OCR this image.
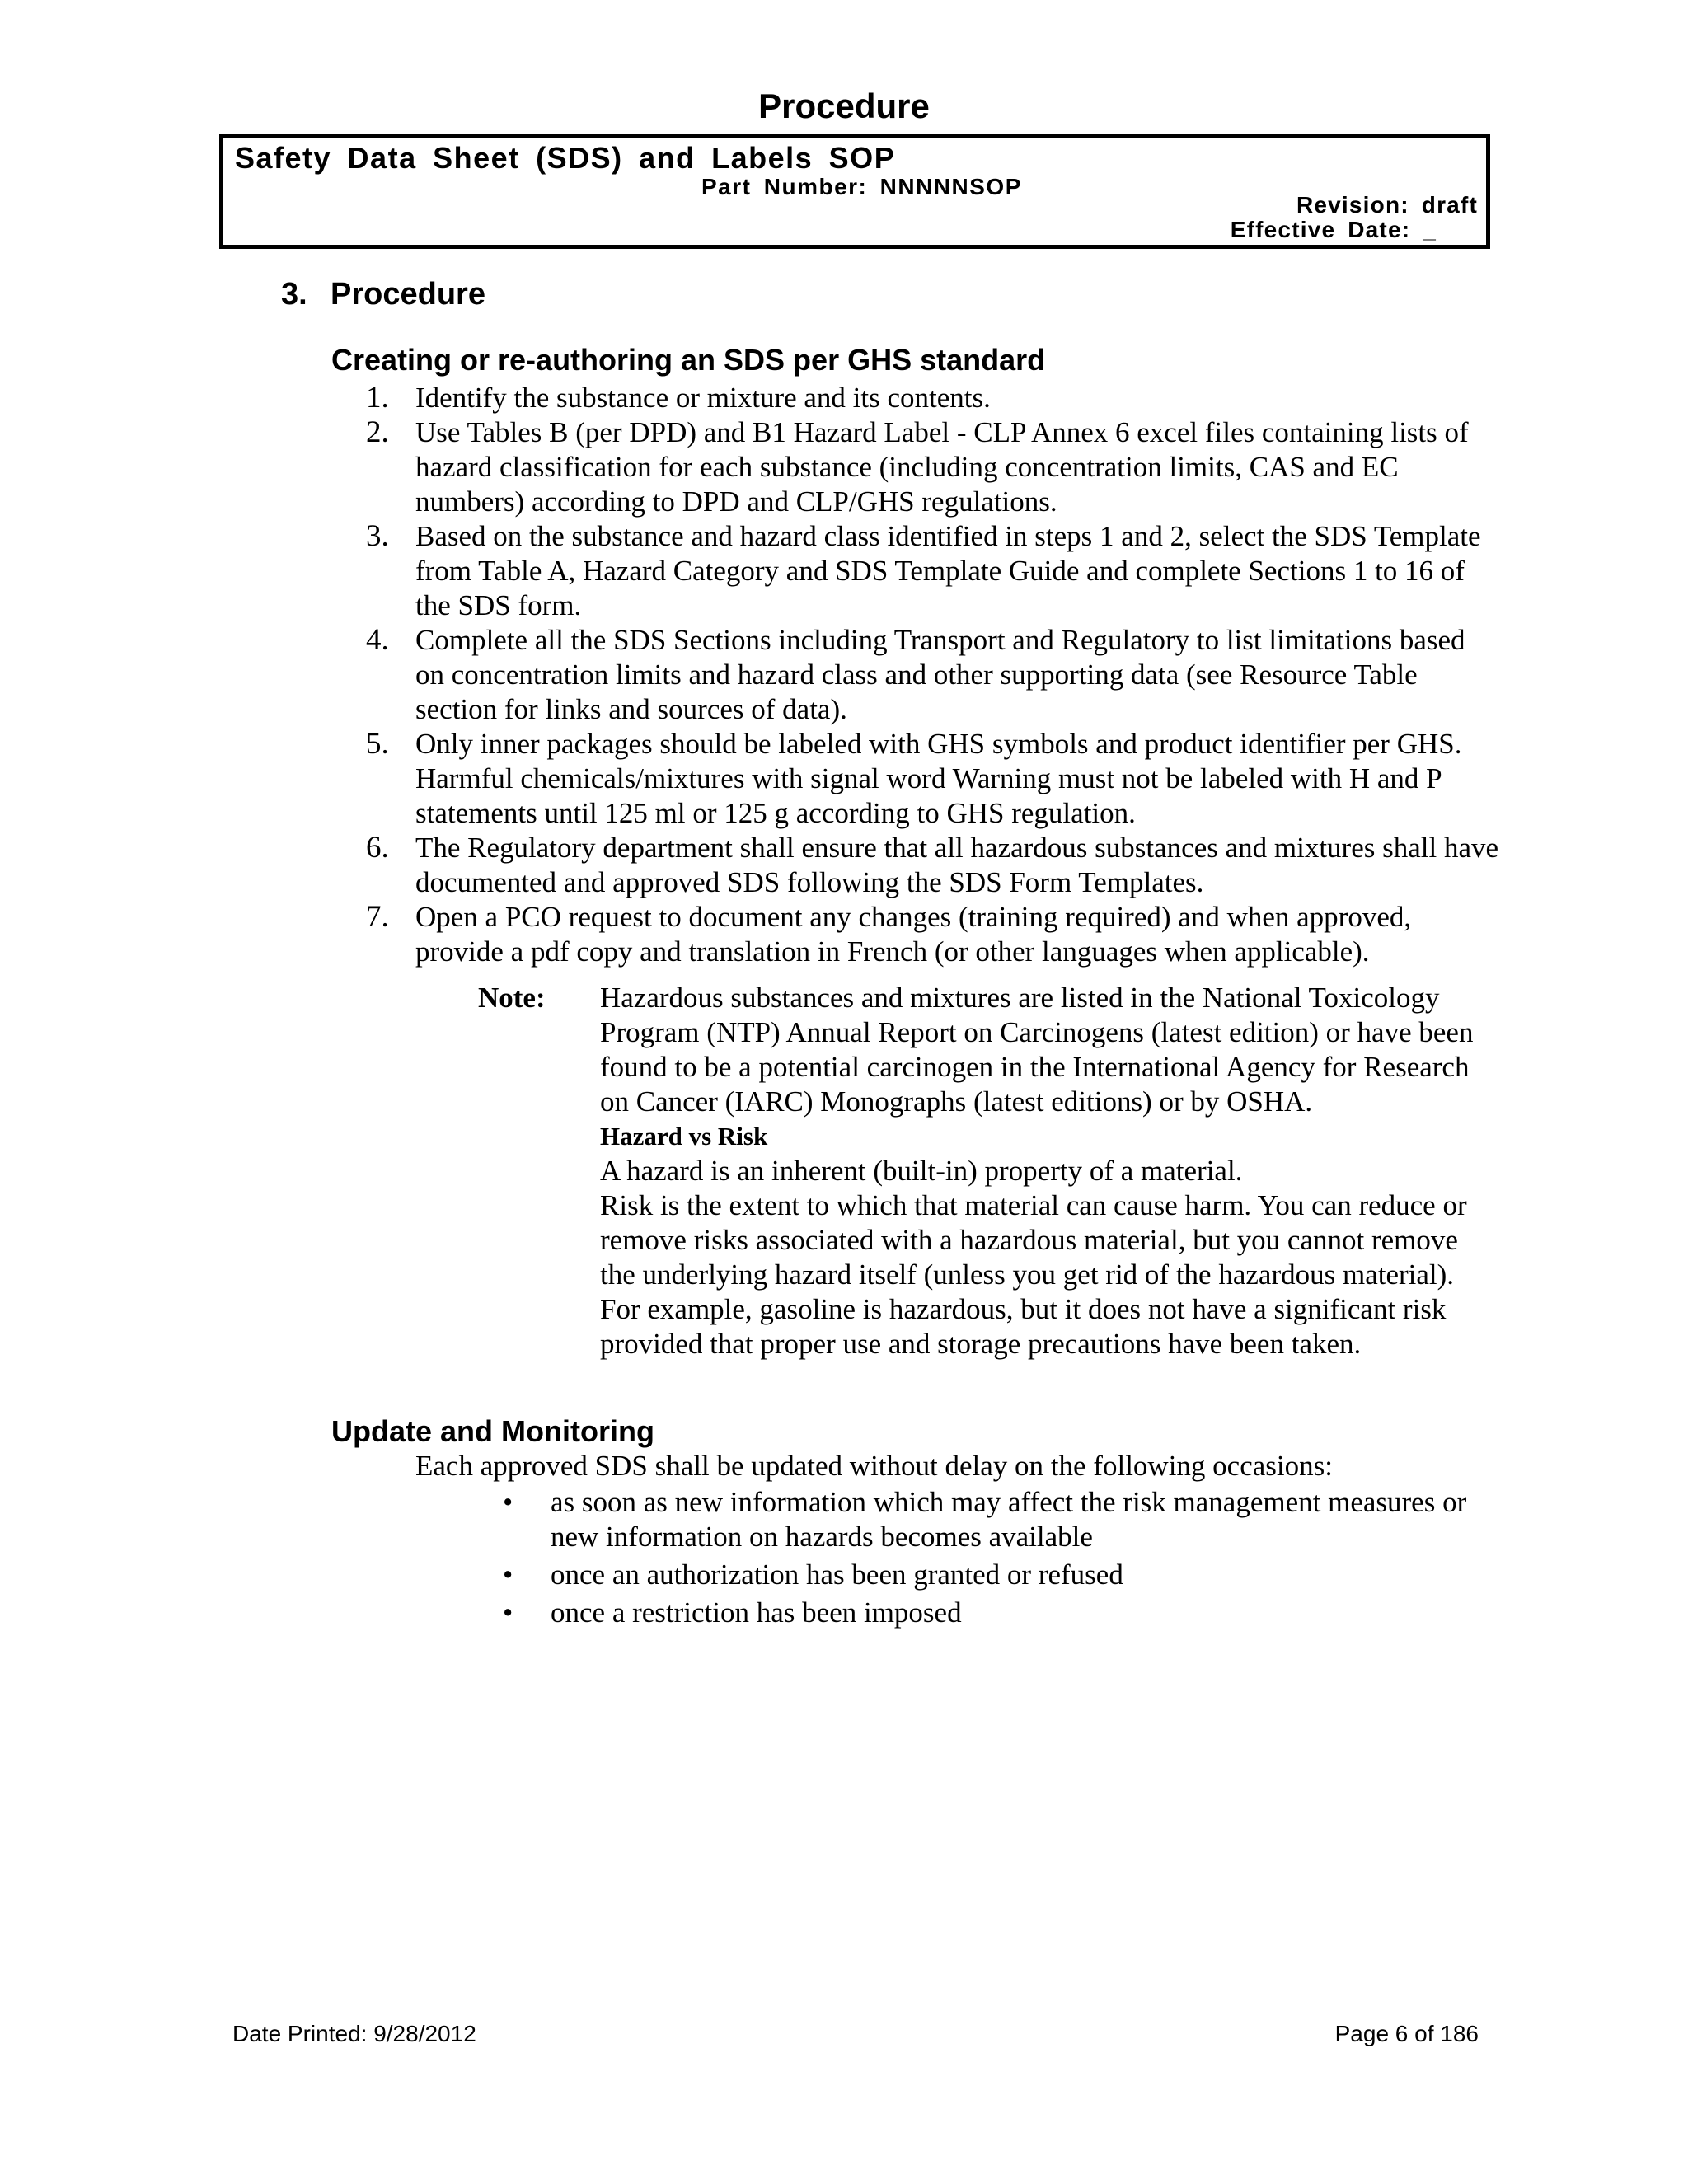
Procedure
Safety Data Sheet (SDS) and Labels SOP
Part Number: NNNNNSOP
Revision: draft
Effective Date: _
3. Procedure
Creating or re-authoring an SDS per GHS standard
1. Identify the substance or mixture and its contents.
2. Use Tables B (per DPD) and B1 Hazard Label - CLP Annex 6 excel files containing lists of hazard classification for each substance (including concentration limits, CAS and EC numbers) according to DPD and CLP/GHS regulations.
3. Based on the substance and hazard class identified in steps 1 and 2, select the SDS Template from Table A, Hazard Category and SDS Template Guide and complete Sections 1 to 16 of the SDS form.
4. Complete all the SDS Sections including Transport and Regulatory to list limitations based on concentration limits and hazard class and other supporting data (see Resource Table section for links and sources of data).
5. Only inner packages should be labeled with GHS symbols and product identifier per GHS. Harmful chemicals/mixtures with signal word Warning must not be labeled with H and P statements until 125 ml or 125 g according to GHS regulation.
6. The Regulatory department shall ensure that all hazardous substances and mixtures shall have documented and approved SDS following the SDS Form Templates.
7. Open a PCO request to document any changes (training required) and when approved, provide a pdf copy and translation in French (or other languages when applicable).
Note: Hazardous substances and mixtures are listed in the National Toxicology Program (NTP) Annual Report on Carcinogens (latest edition) or have been found to be a potential carcinogen in the International Agency for Research on Cancer (IARC) Monographs (latest editions) or by OSHA.
Hazard vs Risk
A hazard is an inherent (built-in) property of a material.
Risk is the extent to which that material can cause harm. You can reduce or remove risks associated with a hazardous material, but you cannot remove the underlying hazard itself (unless you get rid of the hazardous material).
For example, gasoline is hazardous, but it does not have a significant risk provided that proper use and storage precautions have been taken.
Update and Monitoring
Each approved SDS shall be updated without delay on the following occasions:
• as soon as new information which may affect the risk management measures or new information on hazards becomes available
• once an authorization has been granted or refused
• once a restriction has been imposed
Date Printed: 9/28/2012	Page 6 of 186
